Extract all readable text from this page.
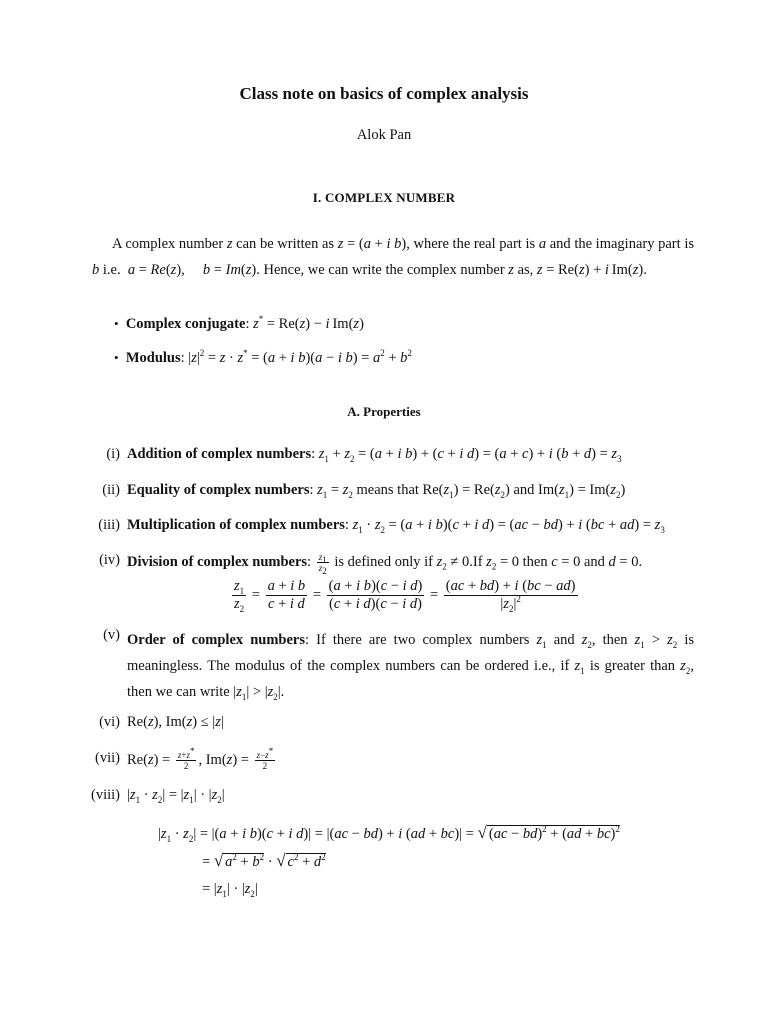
Class note on basics of complex analysis
Alok Pan
I. COMPLEX NUMBER
A complex number z can be written as z = (a + i b), where the real part is a and the imaginary part is b i.e.  a = Re(z),     b = Im(z). Hence, we can write the complex number z as, z = Re(z) + i Im(z).
• Complex conjugate: z* = Re(z) − i Im(z)
• Modulus: $|z|^2 = z \cdot z^* = (a + i$ b)(a − i $b) = a^2 + b^2$
A. Properties
(i) Addition of complex numbers: $z_1 + z_2 = (a + i$ b) + (c + i d) = (a + c) + i $(b + d) = z_3$
(ii) Equality of complex numbers: $z_1 = z_2$ means that $Re(z_1) = Re(z_2)$ and $Im(z_1) = Im(z_2)$
(iii) Multiplication of complex numbers: $z_1 \cdot z_2 = (a + i$ b)(c + i d) = (ac − bd) + i $(bc + ad) = z_3$
(iv) Division of complex numbers: $\frac{z_1}{z_2}$ is defined only if $z_2 \ne 0.If$ $z_2 = 0$ then c = 0 and d = 0.
$\frac{z_1}{z_2} = \frac{\text{a + i b}}{\text{c + i d}} = \frac{\text{(a + i b)(c − i d)}}{\text{(c + i d)(c − i d)}} = \frac{(ac + bd) + i (bc - ad)}{|z_2|^2}$
(v) Order of complex numbers: If there are two complex numbers $z_1$ and $z_2$, then $z_1 > z_2$ is meaningless. The modulus of the complex numbers can be ordered i.e., if $z_1$ is greater than $z_2$, then we can write $|z_1| > |z_2|$.
(vi) Re(z), Im(z) ≤ |z|
(vii) $Re(z) = \frac{z+z^*}{2}$ , $Im(z) = \frac{z-z^*}{2}$
(viii) $|z_1 \cdot z_2| = |z_1| \cdot |z_2|$
$|z_1 \cdot z_2| = |(a + i$ b)(c + i d)| = |(ac − bd) + i (ad + bc)| = √ (ac − bd)$^2$ + (ad + bc)$^2$
= √ $a^2 + b^2$ · √ $c^2 + d^2$
= $|z_1| \cdot |z_2|$
